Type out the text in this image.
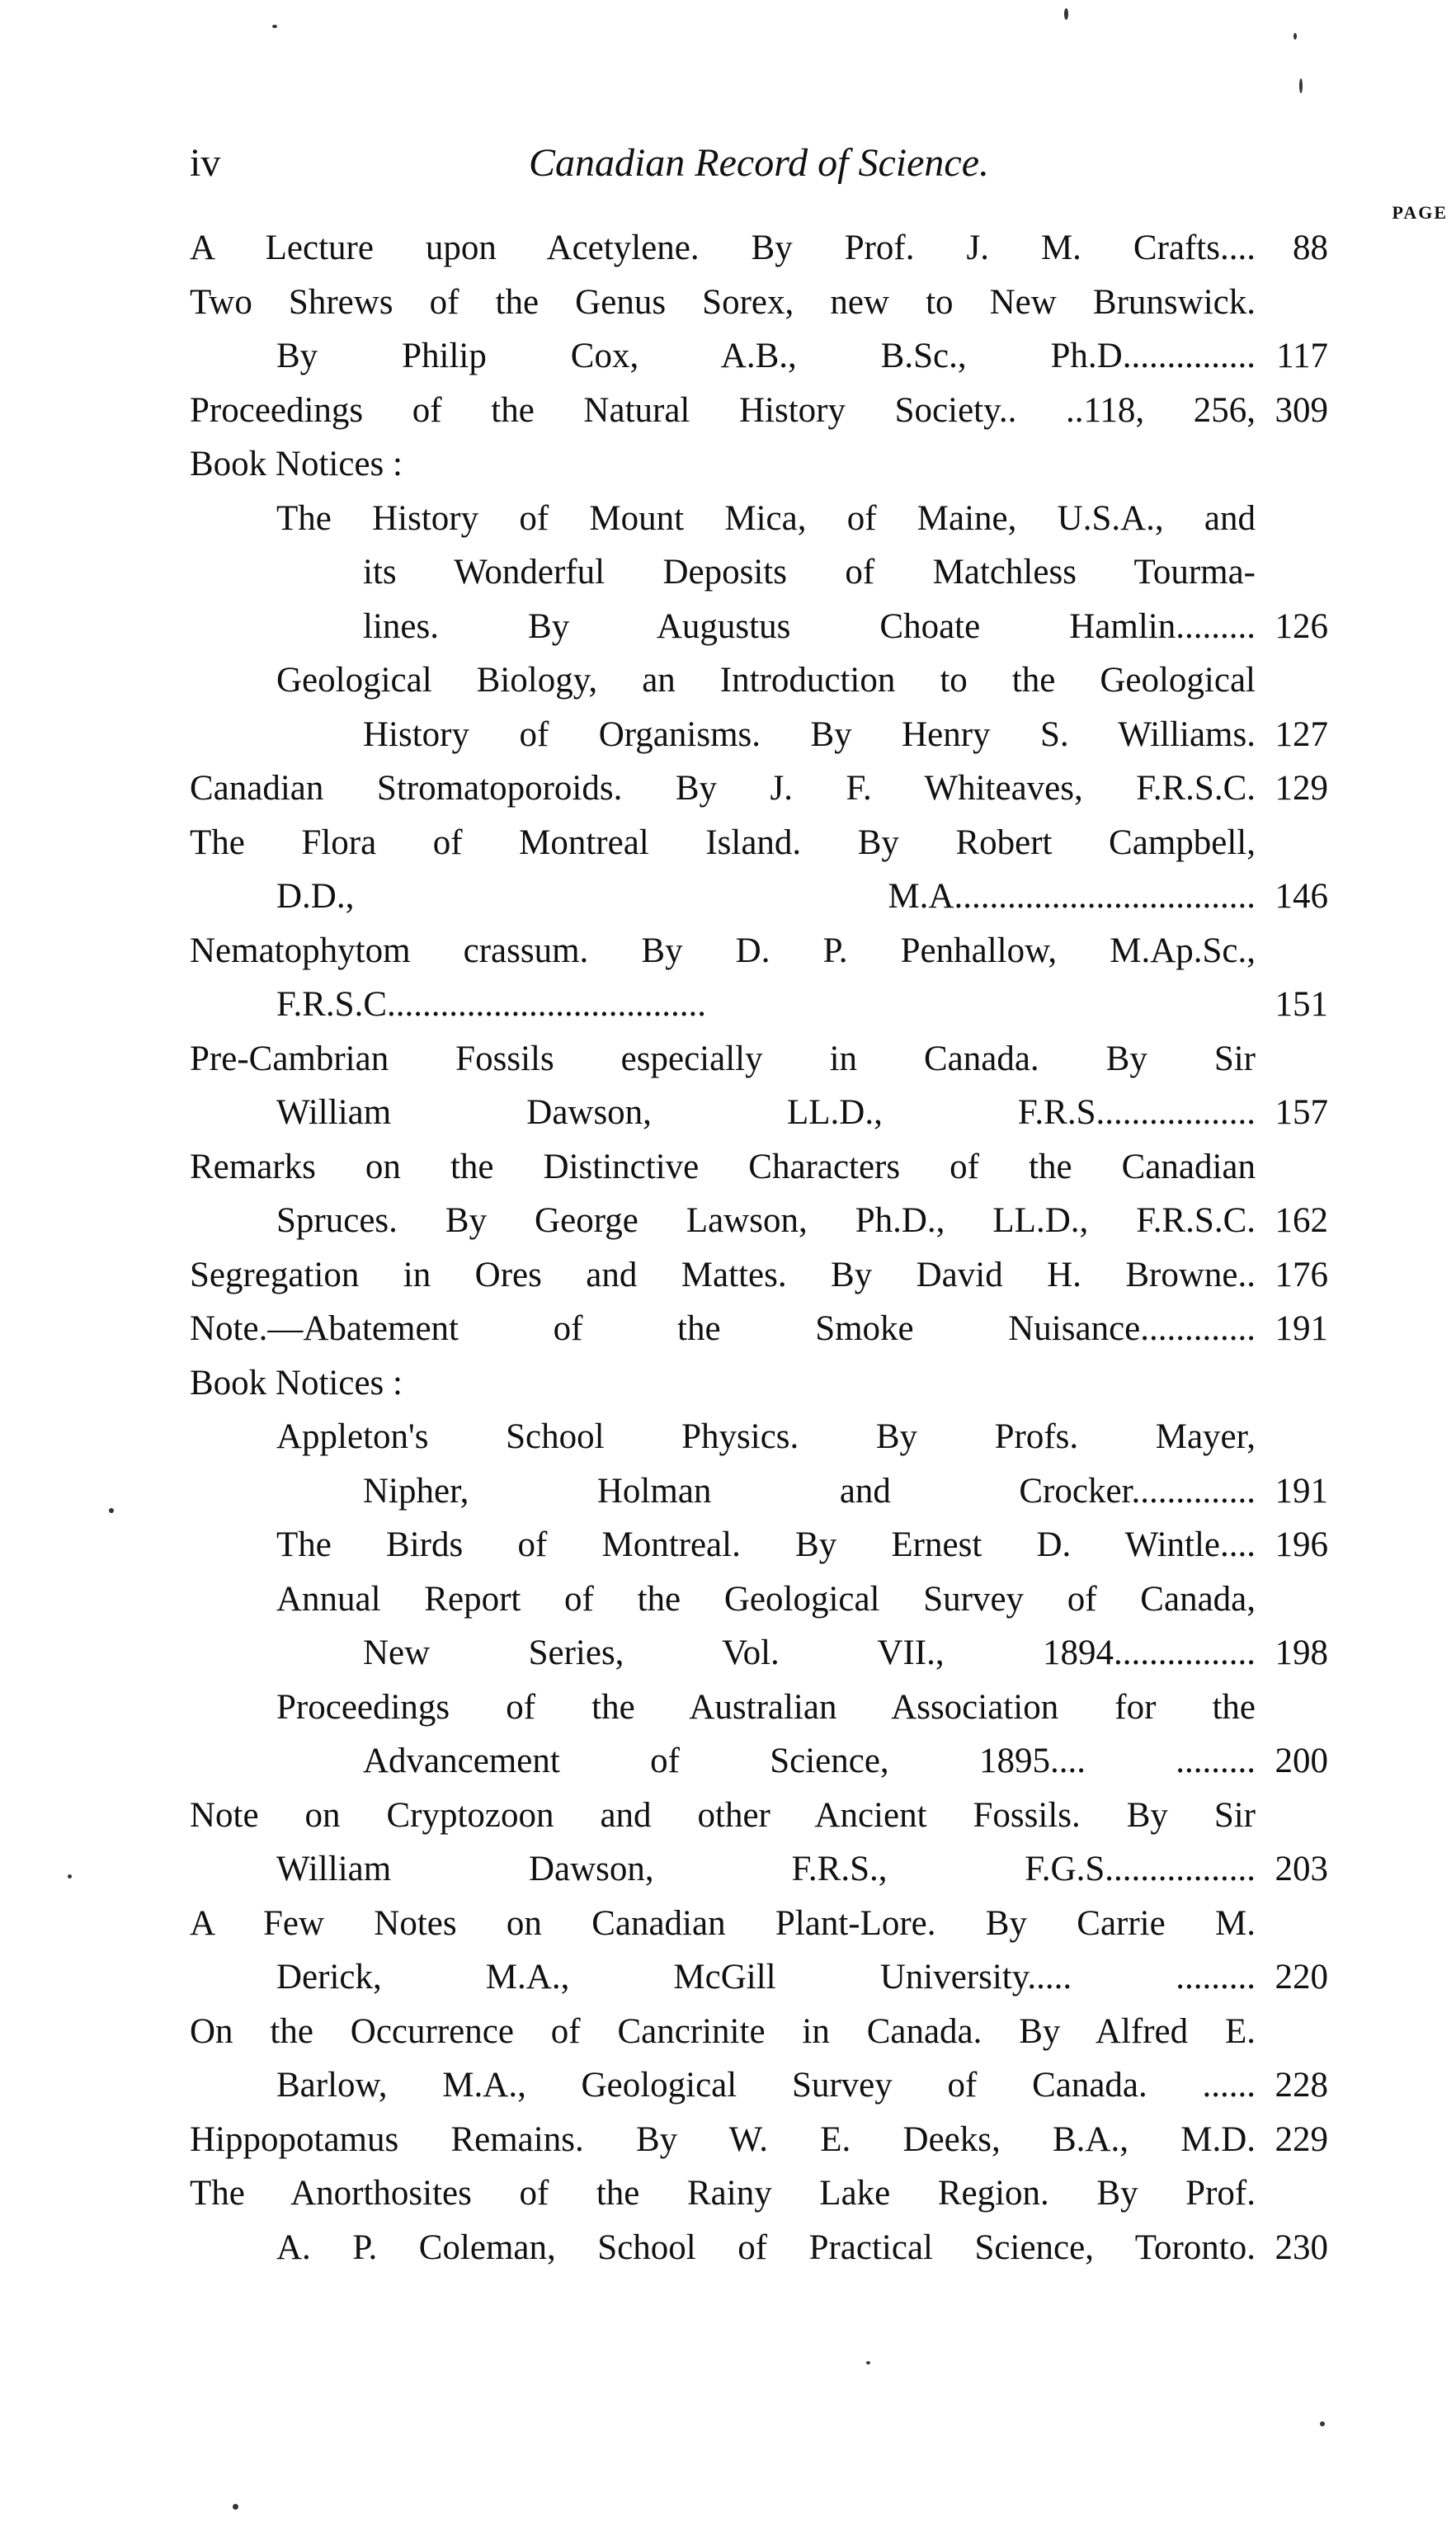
iv	Canadian Record of Science.
PAGE
A Lecture upon Acetylene. By Prof. J. M. Crafts....	88
Two Shrews of the Genus Sorex, new to New Brunswick.
By Philip Cox, A.B., B.Sc., Ph.D............... 117
Proceedings of the Natural History Society.. ..118, 256, 309
Book Notices :
The History of Mount Mica, of Maine, U.S.A., and
its Wonderful Deposits of Matchless Tourma-
lines. By Augustus Choate Hamlin......... 126
Geological Biology, an Introduction to the Geological
History of Organisms. By Henry S. Williams. 127
Canadian Stromatoporoids. By J. F. Whiteaves, F.R.S.C. 129
The Flora of Montreal Island. By Robert Campbell,
D.D., M.A.................................. 146
Nematophytom crassum. By D. P. Penhallow, M.Ap.Sc.,
F.R.S.C....................................	151
Pre-Cambrian Fossils especially in Canada. By Sir
William Dawson, LL.D., F.R.S.................. 157
Remarks on the Distinctive Characters of the Canadian
Spruces. By George Lawson, Ph.D., LL.D., F.R.S.C. 162
Segregation in Ores and Mattes. By David H. Browne.. 176
Note.—Abatement of the Smoke Nuisance............. 191
Book Notices :
Appleton's School Physics. By Profs. Mayer,
Nipher, Holman and Crocker.............. 191
The Birds of Montreal. By Ernest D. Wintle.... 196
Annual Report of the Geological Survey of Canada,
New Series, Vol. VII., 1894................ 198
Proceedings of the Australian Association for the
Advancement of Science, 1895.... ......... 200
Note on Cryptozoon and other Ancient Fossils. By Sir
William Dawson, F.R.S., F.G.S................. 203
A Few Notes on Canadian Plant-Lore. By Carrie M.
Derick, M.A., McGill University..... ......... 220
On the Occurrence of Cancrinite in Canada. By Alfred E.
Barlow, M.A., Geological Survey of Canada. ...... 228
Hippopotamus Remains. By W. E. Deeks, B.A., M.D. 229
The Anorthosites of the Rainy Lake Region. By Prof.
A. P. Coleman, School of Practical Science, Toronto. 230
